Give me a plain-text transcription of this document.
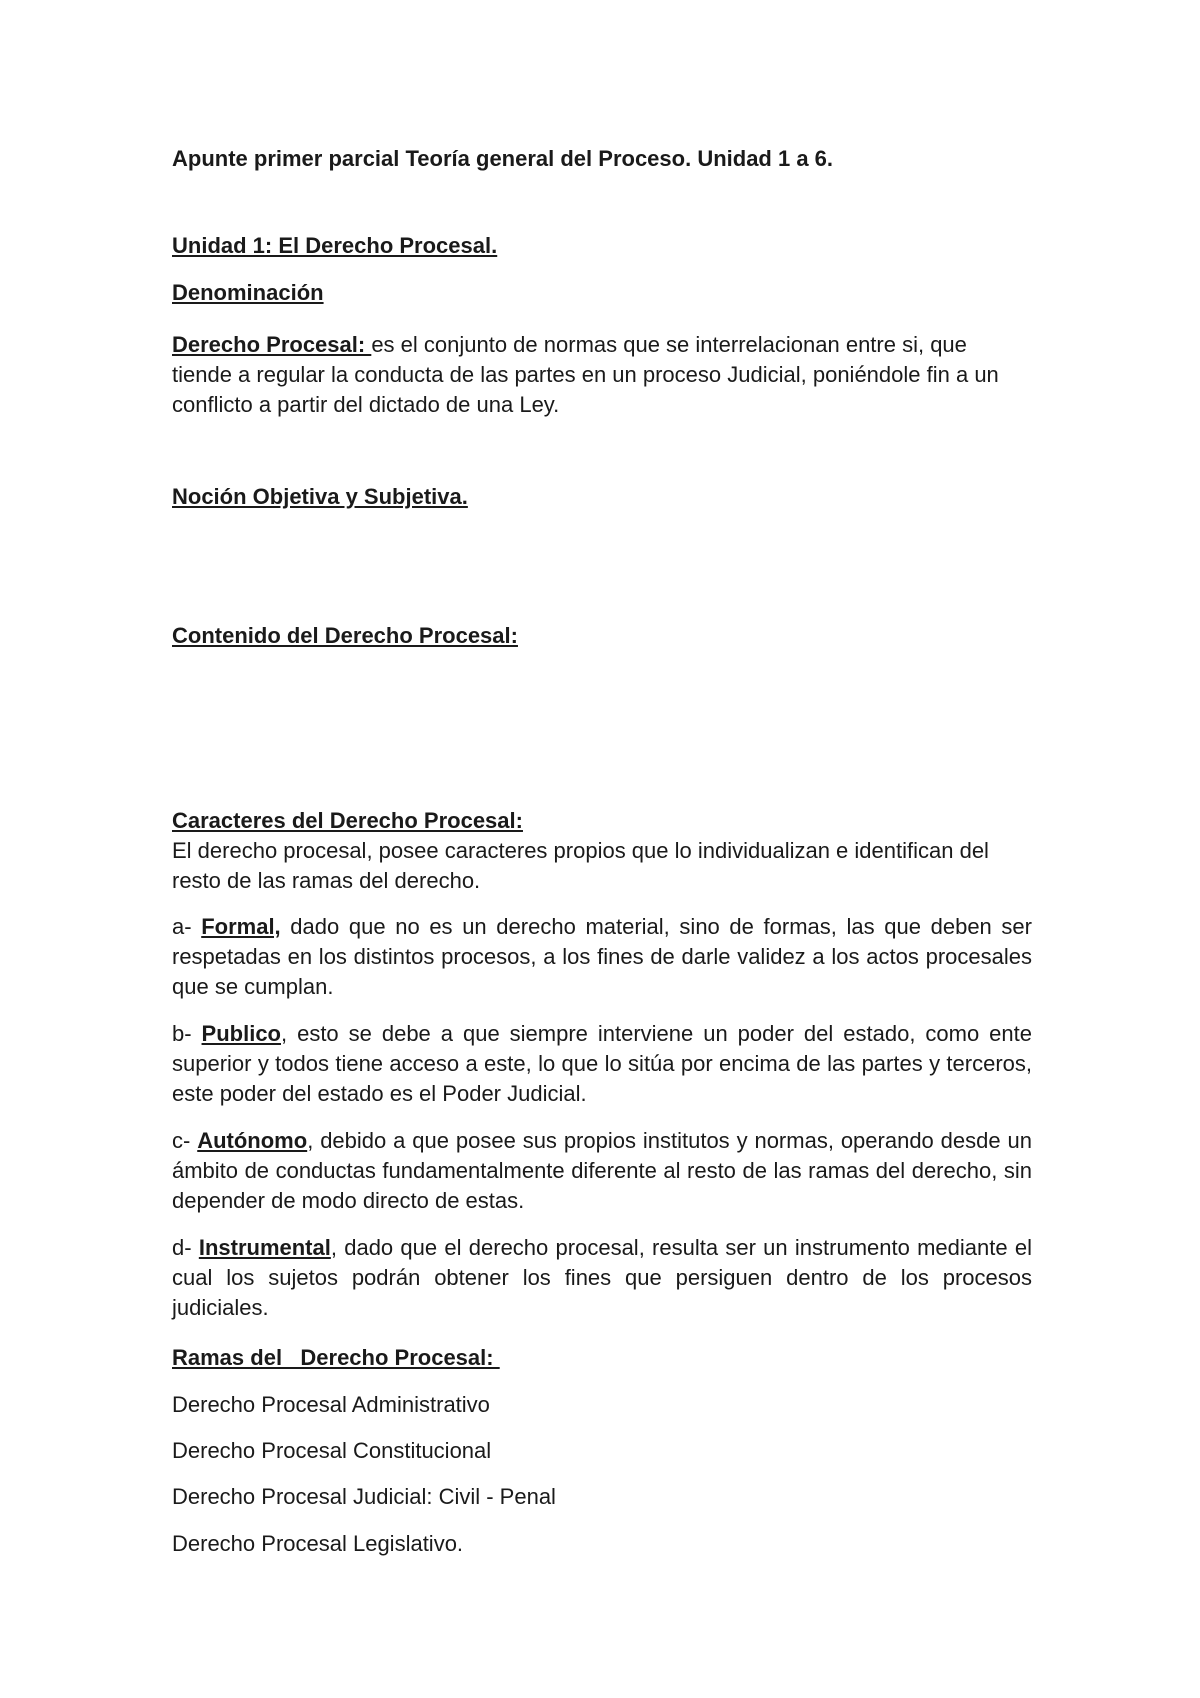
Apunte primer parcial Teoría general del Proceso. Unidad 1 a 6.

Unidad 1: El Derecho Procesal.

Denominación

Derecho Procesal: es el conjunto de normas que se interrelacionan entre si, que tiende a regular la conducta de las partes en un proceso Judicial, poniéndole fin a un conflicto a partir del dictado de una Ley.

Noción Objetiva y Subjetiva.

Contenido del Derecho Procesal:

Caracteres del Derecho Procesal:

El derecho procesal, posee caracteres propios que lo individualizan e identifican del resto de las ramas del derecho.

a- Formal, dado que no es un derecho material, sino de formas, las que deben ser respetadas en los distintos procesos, a los fines de darle validez a los actos procesales que se cumplan.

b- Publico, esto se debe a que siempre interviene un poder del estado, como ente superior y todos tiene acceso a este, lo que lo sitúa por encima de las partes y terceros, este poder del estado es el Poder Judicial.

c- Autónomo, debido a que posee sus propios institutos y normas, operando desde un ámbito de conductas fundamentalmente diferente al resto de las ramas del derecho, sin depender de modo directo de estas.

d- Instrumental, dado que el derecho procesal, resulta ser un instrumento mediante el cual los sujetos podrán obtener los fines que persiguen dentro de los procesos judiciales.

Ramas del   Derecho Procesal:

Derecho Procesal Administrativo

Derecho Procesal Constitucional

Derecho Procesal Judicial: Civil - Penal

Derecho Procesal Legislativo.
